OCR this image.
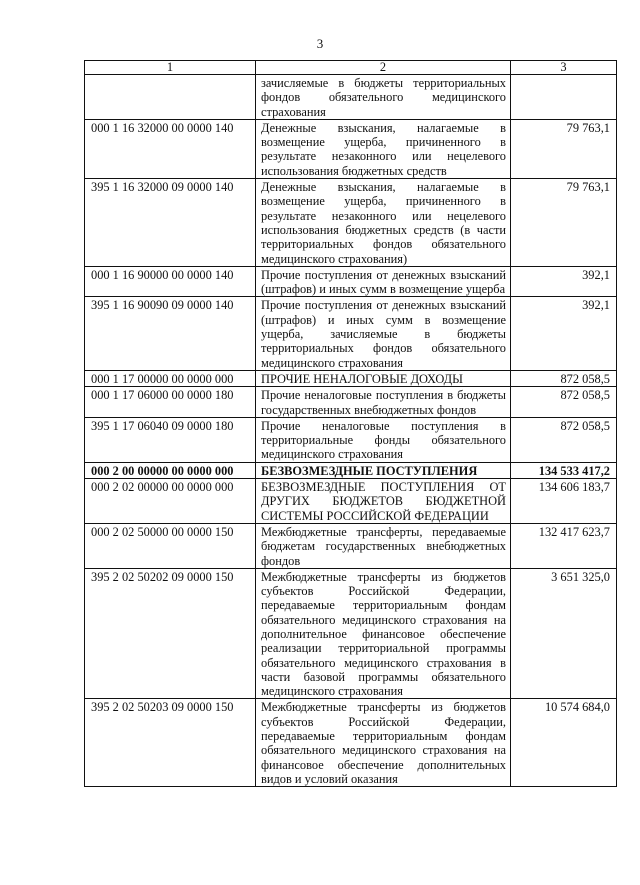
3
1	2	3
	зачисляемые в бюджеты территориальных фондов обязательного медицинского страхования	
000 1 16 32000 00 0000 140	Денежные взыскания, налагаемые в возмещение ущерба, причиненного в результате незаконного или нецелевого использования бюджетных средств	79 763,1
395 1 16 32000 09 0000 140	Денежные взыскания, налагаемые в возмещение ущерба, причиненного в результате незаконного или нецелевого использования бюджетных средств (в части территориальных фондов обязательного медицинского страхования)	79 763,1
000 1 16 90000 00 0000 140	Прочие поступления от денежных взысканий (штрафов) и иных сумм в возмещение ущерба	392,1
395 1 16 90090 09 0000 140	Прочие поступления от денежных взысканий (штрафов) и иных сумм в возмещение ущерба, зачисляемые в бюджеты территориальных фондов обязательного медицинского страхования	392,1
000 1 17 00000 00 0000 000	ПРОЧИЕ НЕНАЛОГОВЫЕ ДОХОДЫ	872 058,5
000 1 17 06000 00 0000 180	Прочие неналоговые поступления в бюджеты государственных внебюджетных фондов	872 058,5
395 1 17 06040 09 0000 180	Прочие неналоговые поступления в территориальные фонды обязательного медицинского страхования	872 058,5
000 2 00 00000 00 0000 000	БЕЗВОЗМЕЗДНЫЕ ПОСТУПЛЕНИЯ	134 533 417,2
000 2 02 00000 00 0000 000	БЕЗВОЗМЕЗДНЫЕ ПОСТУПЛЕНИЯ ОТ ДРУГИХ БЮДЖЕТОВ БЮДЖЕТНОЙ СИСТЕМЫ РОССИЙСКОЙ ФЕДЕРАЦИИ	134 606 183,7
000 2 02 50000 00 0000 150	Межбюджетные трансферты, передаваемые бюджетам государственных внебюджетных фондов	132 417 623,7
395 2 02 50202 09 0000 150	Межбюджетные трансферты из бюджетов субъектов Российской Федерации, передаваемые территориальным фондам обязательного медицинского страхования на дополнительное финансовое обеспечение реализации территориальной программы обязательного медицинского страхования в части базовой программы обязательного медицинского страхования	3 651 325,0
395 2 02 50203 09 0000 150	Межбюджетные трансферты из бюджетов субъектов Российской Федерации, передаваемые территориальным фондам обязательного медицинского страхования на финансовое обеспечение дополнительных видов и условий оказания	10 574 684,0
